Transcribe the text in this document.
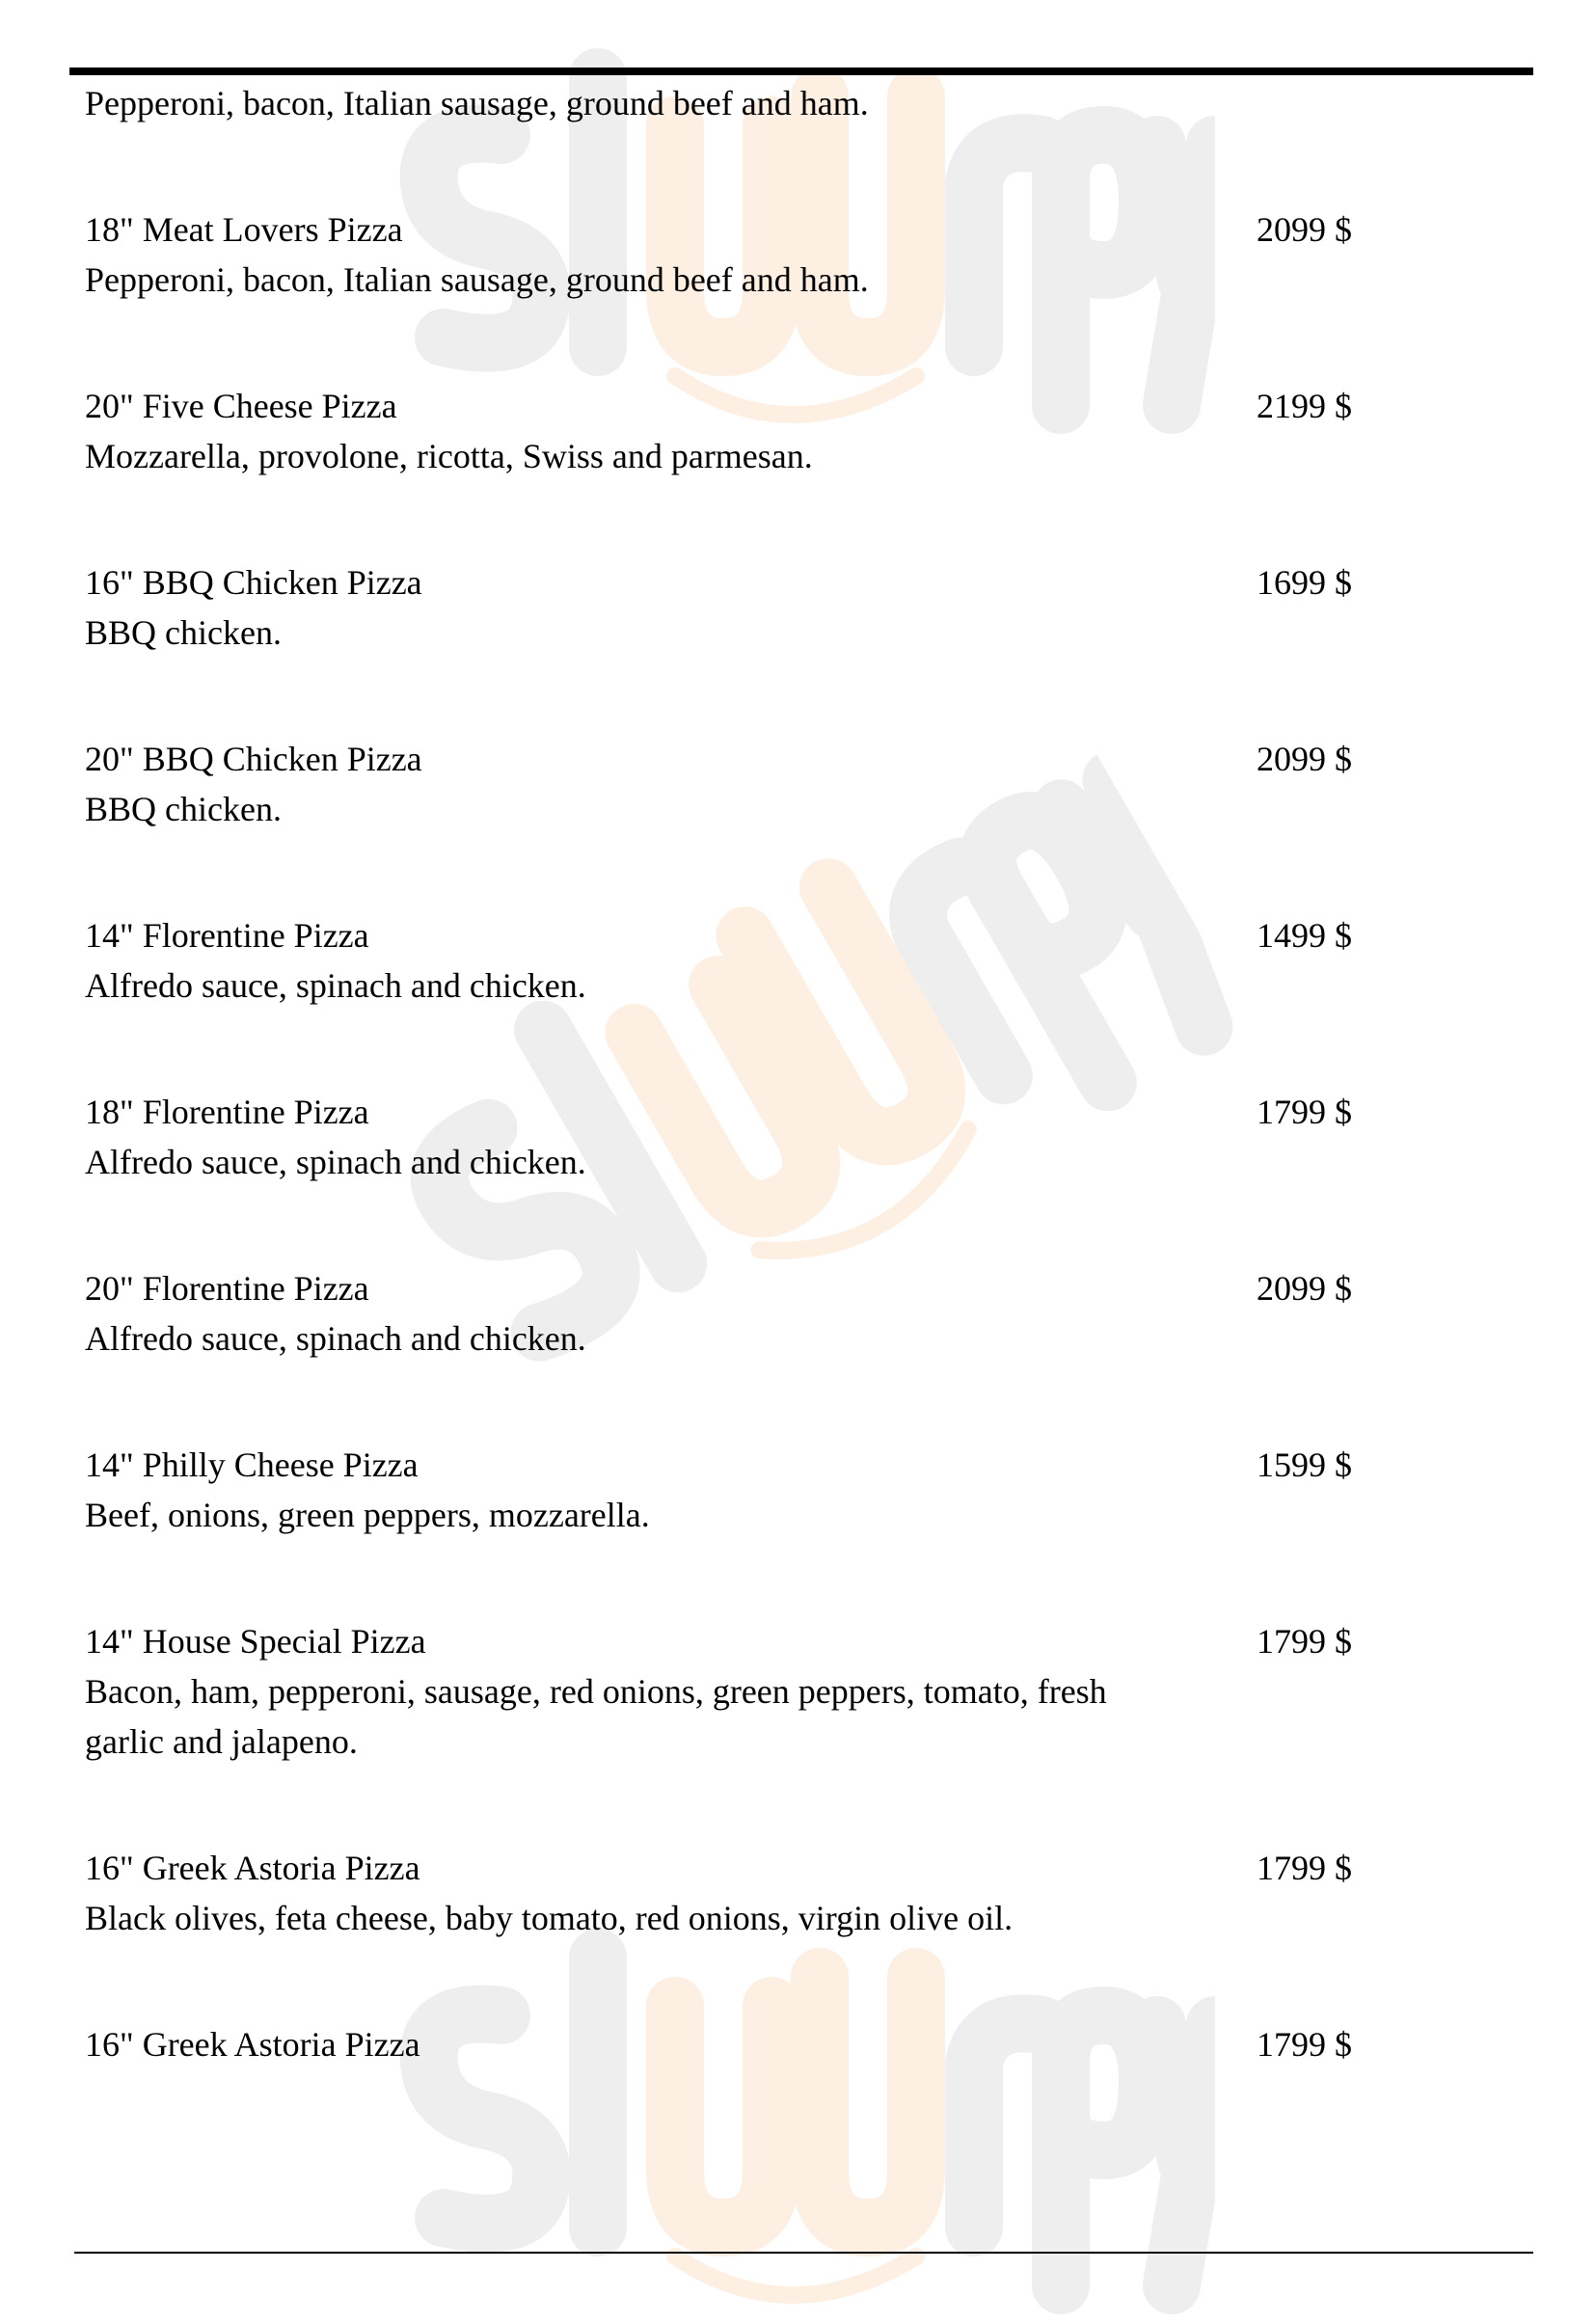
Pepperoni, bacon, Italian sausage, ground beef and ham.
18" Meat Lovers Pizza	2099 $
Pepperoni, bacon, Italian sausage, ground beef and ham.
20" Five Cheese Pizza	2199 $
Mozzarella, provolone, ricotta, Swiss and parmesan.
16" BBQ Chicken Pizza	1699 $
BBQ chicken.
20" BBQ Chicken Pizza	2099 $
BBQ chicken.
14" Florentine Pizza	1499 $
Alfredo sauce, spinach and chicken.
18" Florentine Pizza	1799 $
Alfredo sauce, spinach and chicken.
20" Florentine Pizza	2099 $
Alfredo sauce, spinach and chicken.
14" Philly Cheese Pizza	1599 $
Beef, onions, green peppers, mozzarella.
14" House Special Pizza	1799 $
Bacon, ham, pepperoni, sausage, red onions, green peppers, tomato, fresh garlic and jalapeno.
16" Greek Astoria Pizza	1799 $
Black olives, feta cheese, baby tomato, red onions, virgin olive oil.
16" Greek Astoria Pizza	1799 $
